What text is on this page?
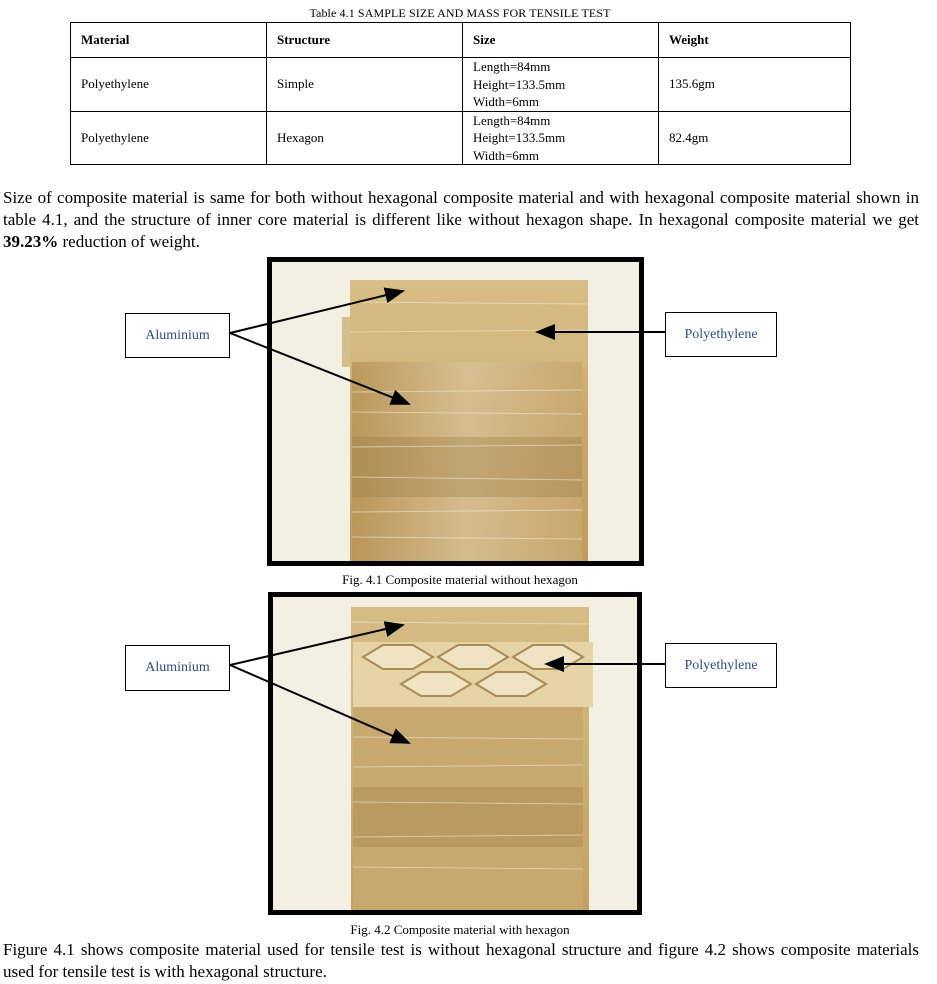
Table 4.1 SAMPLE SIZE AND MASS FOR TENSILE TEST
Material	Structure	Size	Weight
Polyethylene	Simple	Length=84mm
Height=133.5mm
Width=6mm	135.6gm
Polyethylene	Hexagon	Length=84mm
Height=133.5mm
Width=6mm	82.4gm
Size of composite material is same for both without hexagonal composite material and with hexagonal composite material shown in table 4.1, and the structure of inner core material is different like without hexagon shape. In hexagonal composite material we get 39.23% reduction of weight.
Aluminium	Polyethylene
Fig. 4.1 Composite material without hexagon
Aluminium	Polyethylene
Fig. 4.2 Composite material with hexagon
Figure 4.1 shows composite material used for tensile test is without hexagonal structure and figure 4.2 shows composite materials used for tensile test is with hexagonal structure.
